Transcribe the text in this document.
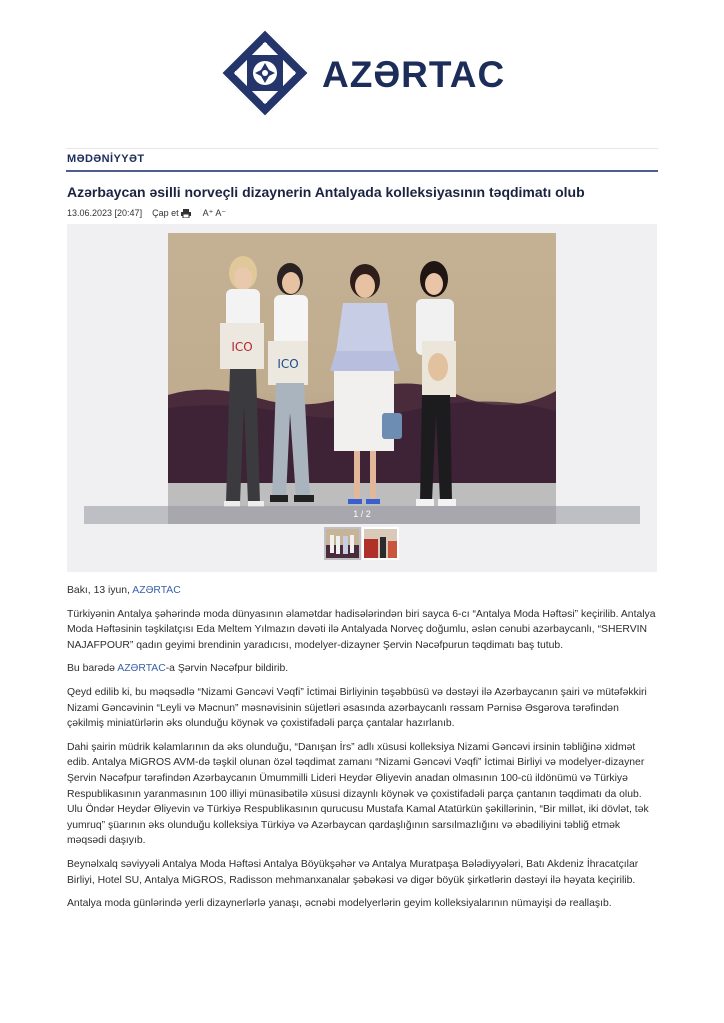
AZƏRTAC
MƏDƏNİYYƏT
Azərbaycan əsilli norveçli dizaynerin Antalyada kolleksiyasının təqdimatı olub
13.06.2023 [20:47] Çap et	A⁺ A⁻
ICO
ICO
1 / 2

Bakı, 13 iyun, AZƏRTAC

Türkiyənin Antalya şəhərində moda dünyasının əlamətdar hadisələrindən biri sayca 6-cı “Antalya Moda Həftəsi” keçirilib. Antalya Moda Həftəsinin təşkilatçısı Eda Meltem Yılmazın dəvəti ilə Antalyada Norveç doğumlu, əslən cənubi azərbaycanlı, “SHERVIN NAJAFPOUR” qadın geyimi brendinin yaradıcısı, modelyer-dizayner Şervin Nəcəfpurun təqdimatı baş tutub.

Bu barədə AZƏRTAC-a Şərvin Nəcəfpur bildirib.

Qeyd edilib ki, bu məqsədlə “Nizami Gəncəvi Vəqfi” İctimai Birliyinin təşəbbüsü və dəstəyi ilə Azərbaycanın şairi və mütəfəkkiri Nizami Gəncəvinin “Leyli və Məcnun” məsnəvisinin süjetləri əsasında azərbaycanlı rəssam Pərnisə Əsgərova tərəfindən çəkilmiş miniatürlərin əks olunduğu köynək və çoxistifadəli parça çantalar hazırlanıb.

Dahi şairin müdrik kəlamlarının da əks olunduğu, “Danışan İrs” adlı xüsusi kolleksiya Nizami Gəncəvi irsinin təbliğinə xidmət edib. Antalya MiGROS AVM-də təşkil olunan özəl təqdimat zamanı “Nizami Gəncəvi Vəqfi” İctimai Birliyi və modelyer-dizayner Şervin Nəcəfpur tərəfindən Azərbaycanın Ümummilli Lideri Heydər Əliyevin anadan olmasının 100-cü ildönümü və Türkiyə Respublikasının yaranmasının 100 illiyi münasibətilə xüsusi dizaynlı köynək və çoxistifadəli parça çantanın təqdimatı da olub. Ulu Öndər Heydər Əliyevin və Türkiyə Respublikasının qurucusu Mustafa Kamal Atatürkün şəkillərinin, “Bir millət, iki dövlət, tək yumruq” şüarının əks olunduğu kolleksiya Türkiyə və Azərbaycan qardaşlığının sarsılmazlığını və əbədiliyini təbliğ etmək məqsədi daşıyıb.

Beynəlxalq səviyyəli Antalya Moda Həftəsi Antalya Böyükşəhər və Antalya Muratpaşa Bələdiyyələri, Batı Akdeniz İhracatçılar Birliyi, Hotel SU, Antalya MiGROS, Radisson mehmanxanalar şəbəkəsi və digər böyük şirkətlərin dəstəyi ilə həyata keçirilib.

Antalya moda günlərində yerli dizaynerlərlə yanaşı, əcnəbi modelyerlərin geyim kolleksiyalarının nümayişi də reallaşıb.
